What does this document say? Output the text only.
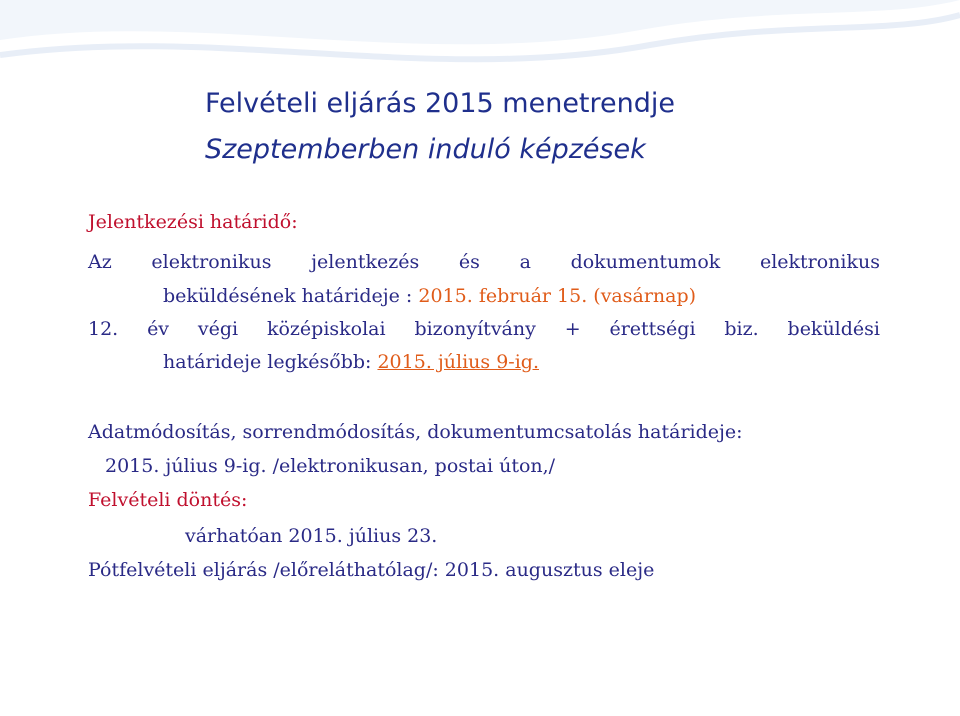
Felvételi eljárás 2015 menetrendje
Szeptemberben induló képzések
Jelentkezési határidő:
Az elektronikus jelentkezés és a dokumentumok elektronikus
beküldésének határideje : 2015. február 15. (vasárnap)
12. év végi középiskolai bizonyítvány + érettségi biz. beküldési
határideje legkésőbb: 2015. július 9-ig.
Adatmódosítás, sorrendmódosítás, dokumentumcsatolás határideje:
2015. július 9-ig. /elektronikusan, postai úton,/
Felvételi döntés:
várhatóan 2015. július 23.
Pótfelvételi eljárás /előreláthatólag/: 2015. augusztus eleje
